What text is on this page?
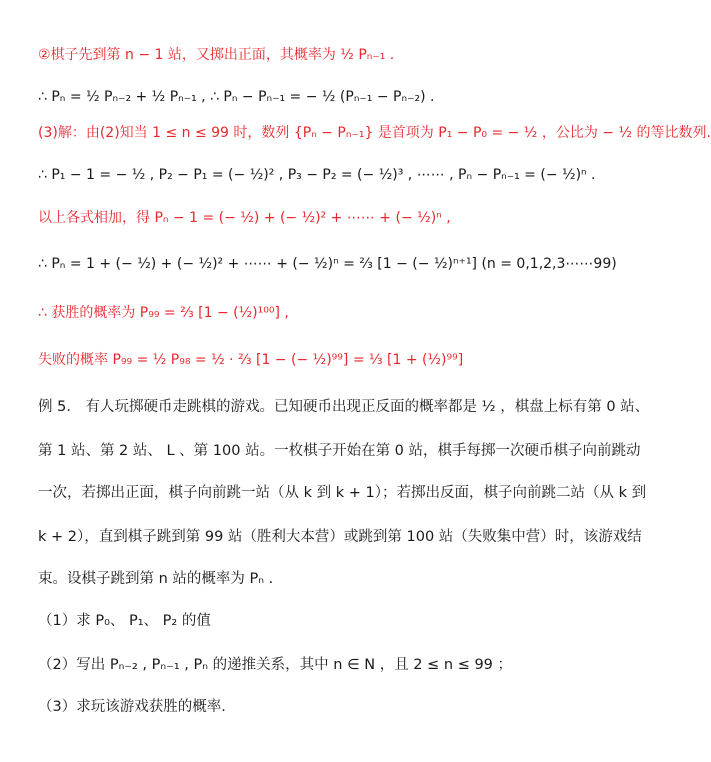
②棋子先到第 n − 1 站，又掷出正面，其概率为 ½ Pₙ₋₁ .
∴ Pₙ = ½ Pₙ₋₂ + ½ Pₙ₋₁ , ∴ Pₙ − Pₙ₋₁ = − ½ (Pₙ₋₁ − Pₙ₋₂) .
(3)解：由(2)知当 1 ≤ n ≤ 99 时，数列 {Pₙ − Pₙ₋₁} 是首项为 P₁ − P₀ = − ½ ，公比为 − ½ 的等比数列.
∴ P₁ − 1 = − ½ , P₂ − P₁ = (− ½)² , P₃ − P₂ = (− ½)³ , ⋯⋯ , Pₙ − Pₙ₋₁ = (− ½)ⁿ .
以上各式相加，得 Pₙ − 1 = (− ½) + (− ½)² + ⋯⋯ + (− ½)ⁿ ,
∴ Pₙ = 1 + (− ½) + (− ½)² + ⋯⋯ + (− ½)ⁿ = ⅔ [1 − (− ½)ⁿ⁺¹] (n = 0,1,2,3⋯⋯99)
∴ 获胜的概率为 P₉₉ = ⅔ [1 − (½)¹⁰⁰] ,
失败的概率 P₉₉ = ½ P₉₈ = ½ · ⅔ [1 − (− ½)⁹⁹] = ⅓ [1 + (½)⁹⁹]
例 5． 有人玩掷硬币走跳棋的游戏。已知硬币出现正反面的概率都是 ½ ，棋盘上标有第 0 站、
第 1 站、第 2 站、 L 、第 100 站。一枚棋子开始在第 0 站，棋手每掷一次硬币棋子向前跳动
一次，若掷出正面，棋子向前跳一站（从 k 到 k + 1）；若掷出反面，棋子向前跳二站（从 k 到
k + 2），直到棋子跳到第 99 站（胜利大本营）或跳到第 100 站（失败集中营）时，该游戏结
束。设棋子跳到第 n 站的概率为 Pₙ .
（1）求 P₀、 P₁、 P₂ 的值
（2）写出 Pₙ₋₂ , Pₙ₋₁ , Pₙ 的递推关系，其中 n ∈ N ，且 2 ≤ n ≤ 99 ；
（3）求玩该游戏获胜的概率.
